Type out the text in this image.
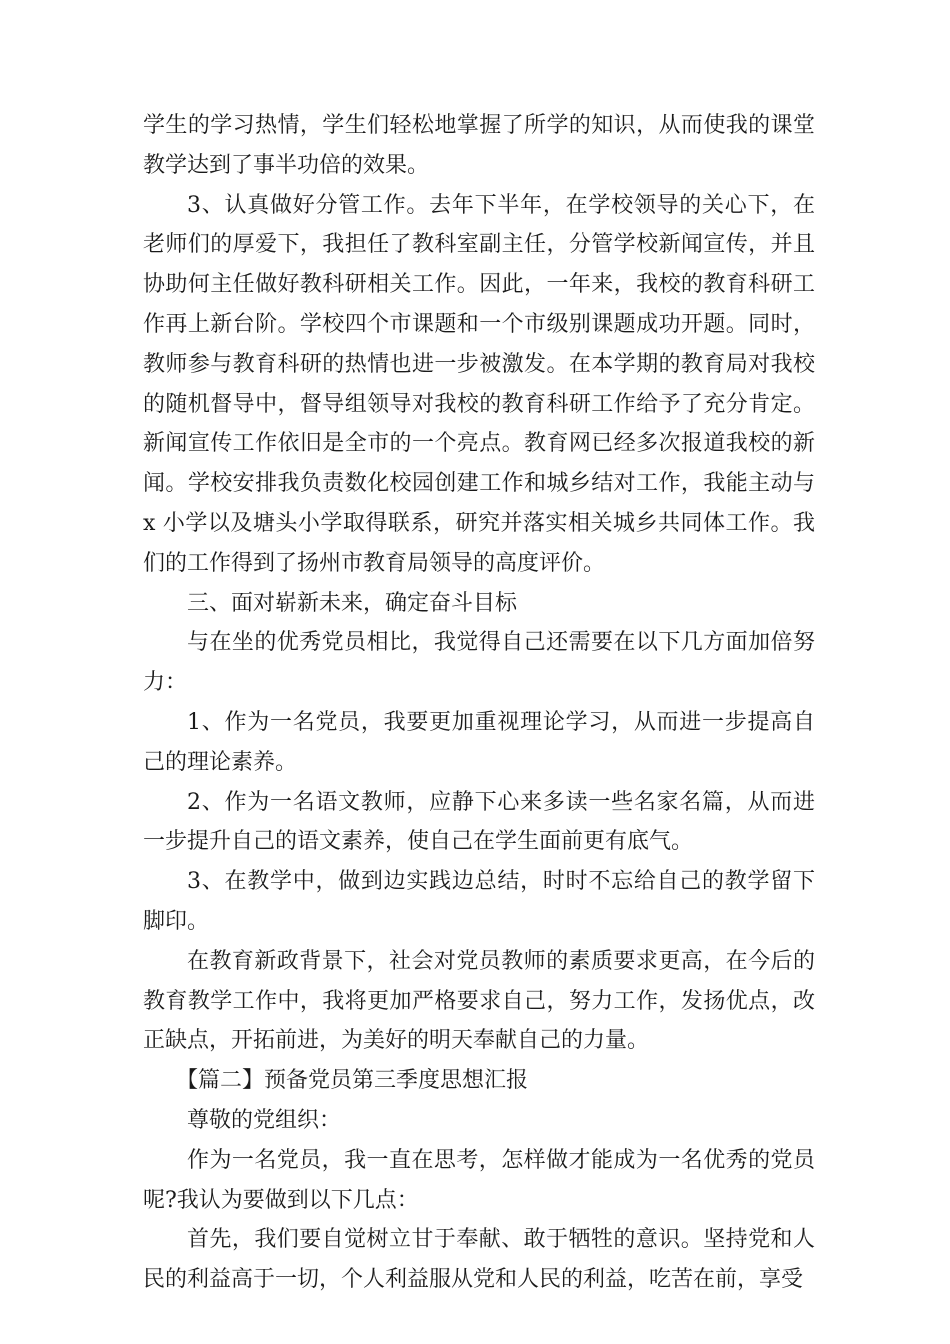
学生的学习热情，学生们轻松地掌握了所学的知识，从而使我的课堂教学达到了事半功倍的效果。

3、认真做好分管工作。去年下半年，在学校领导的关心下，在老师们的厚爱下，我担任了教科室副主任，分管学校新闻宣传，并且协助何主任做好教科研相关工作。因此，一年来，我校的教育科研工作再上新台阶。学校四个市课题和一个市级别课题成功开题。同时，教师参与教育科研的热情也进一步被激发。在本学期的教育局对我校的随机督导中，督导组领导对我校的教育科研工作给予了充分肯定。新闻宣传工作依旧是全市的一个亮点。教育网已经多次报道我校的新闻。学校安排我负责数化校园创建工作和城乡结对工作，我能主动与 x 小学以及塘头小学取得联系，研究并落实相关城乡共同体工作。我们的工作得到了扬州市教育局领导的高度评价。

三、面对崭新未来，确定奋斗目标

与在坐的优秀党员相比，我觉得自己还需要在以下几方面加倍努力：

1、作为一名党员，我要更加重视理论学习，从而进一步提高自己的理论素养。

2、作为一名语文教师，应静下心来多读一些名家名篇，从而进一步提升自己的语文素养，使自己在学生面前更有底气。

3、在教学中，做到边实践边总结，时时不忘给自己的教学留下脚印。

在教育新政背景下，社会对党员教师的素质要求更高，在今后的教育教学工作中，我将更加严格要求自己，努力工作，发扬优点，改正缺点，开拓前进，为美好的明天奉献自己的力量。

【篇二】预备党员第三季度思想汇报

尊敬的党组织：

作为一名党员，我一直在思考，怎样做才能成为一名优秀的党员呢?我认为要做到以下几点：

首先，我们要自觉树立甘于奉献、敢于牺牲的意识。坚持党和人民的利益高于一切，个人利益服从党和人民的利益，吃苦在前，享受
